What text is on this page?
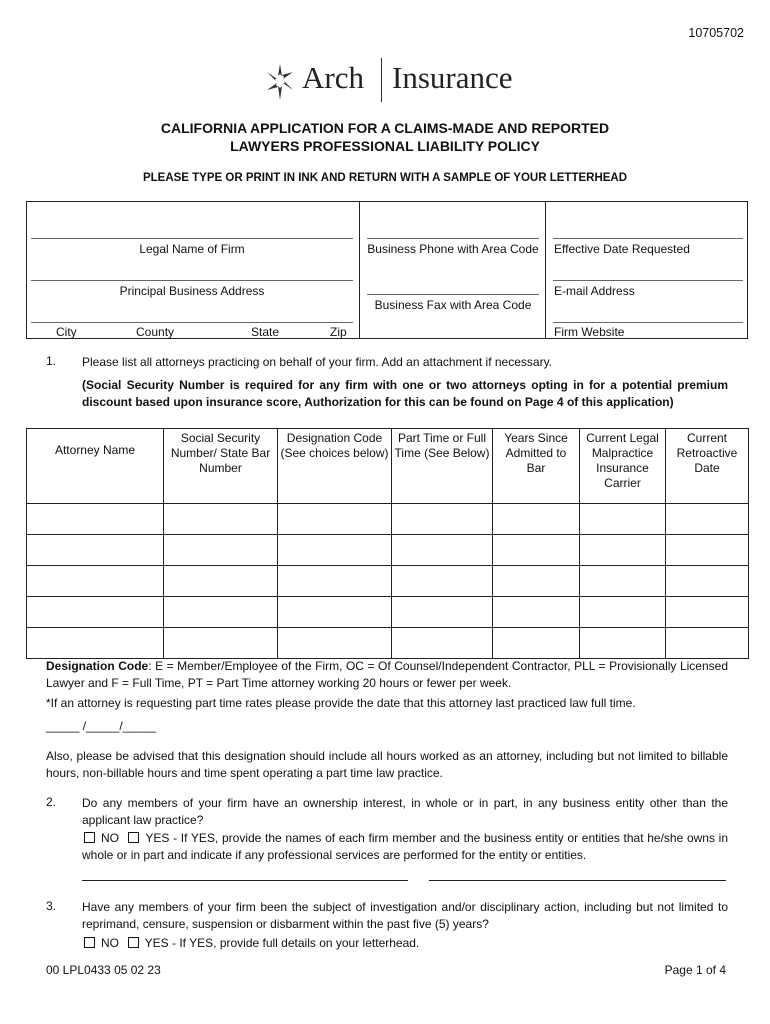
10705702
Arch Insurance
CALIFORNIA APPLICATION FOR A CLAIMS-MADE AND REPORTED
LAWYERS PROFESSIONAL LIABILITY POLICY
PLEASE TYPE OR PRINT IN INK AND RETURN WITH A SAMPLE OF YOUR LETTERHEAD
Legal Name of Firm
Principal Business Address
City	County	State	Zip
Business Phone with Area Code
Business Fax with Area Code
Effective Date Requested
E-mail Address
Firm Website
1. Please list all attorneys practicing on behalf of your firm. Add an attachment if necessary.
(Social Security Number is required for any firm with one or two attorneys opting in for a potential premium discount based upon insurance score, Authorization for this can be found on Page 4 of this application)
Attorney Name	Social Security Number/ State Bar Number	Designation Code (See choices below)	Part Time or Full Time (See Below)	Years Since Admitted to Bar	Current Legal Malpractice Insurance Carrier	Current Retroactive Date

Designation Code: E = Member/Employee of the Firm, OC = Of Counsel/Independent Contractor, PLL = Provisionally Licensed Lawyer and F = Full Time, PT = Part Time attorney working 20 hours or fewer per week.
*If an attorney is requesting part time rates please provide the date that this attorney last practiced law full time.
_____ /_____/_____
Also, please be advised that this designation should include all hours worked as an attorney, including but not limited to billable hours, non-billable hours and time spent operating a part time law practice.
2. Do any members of your firm have an ownership interest, in whole or in part, in any business entity other than the applicant law practice?
NO YES - If YES, provide the names of each firm member and the business entity or entities that he/she owns in whole or in part and indicate if any professional services are performed for the entity or entities.
3. Have any members of your firm been the subject of investigation and/or disciplinary action, including but not limited to reprimand, censure, suspension or disbarment within the past five (5) years?
NO YES - If YES, provide full details on your letterhead.
00 LPL0433 05 02 23	Page 1 of 4
